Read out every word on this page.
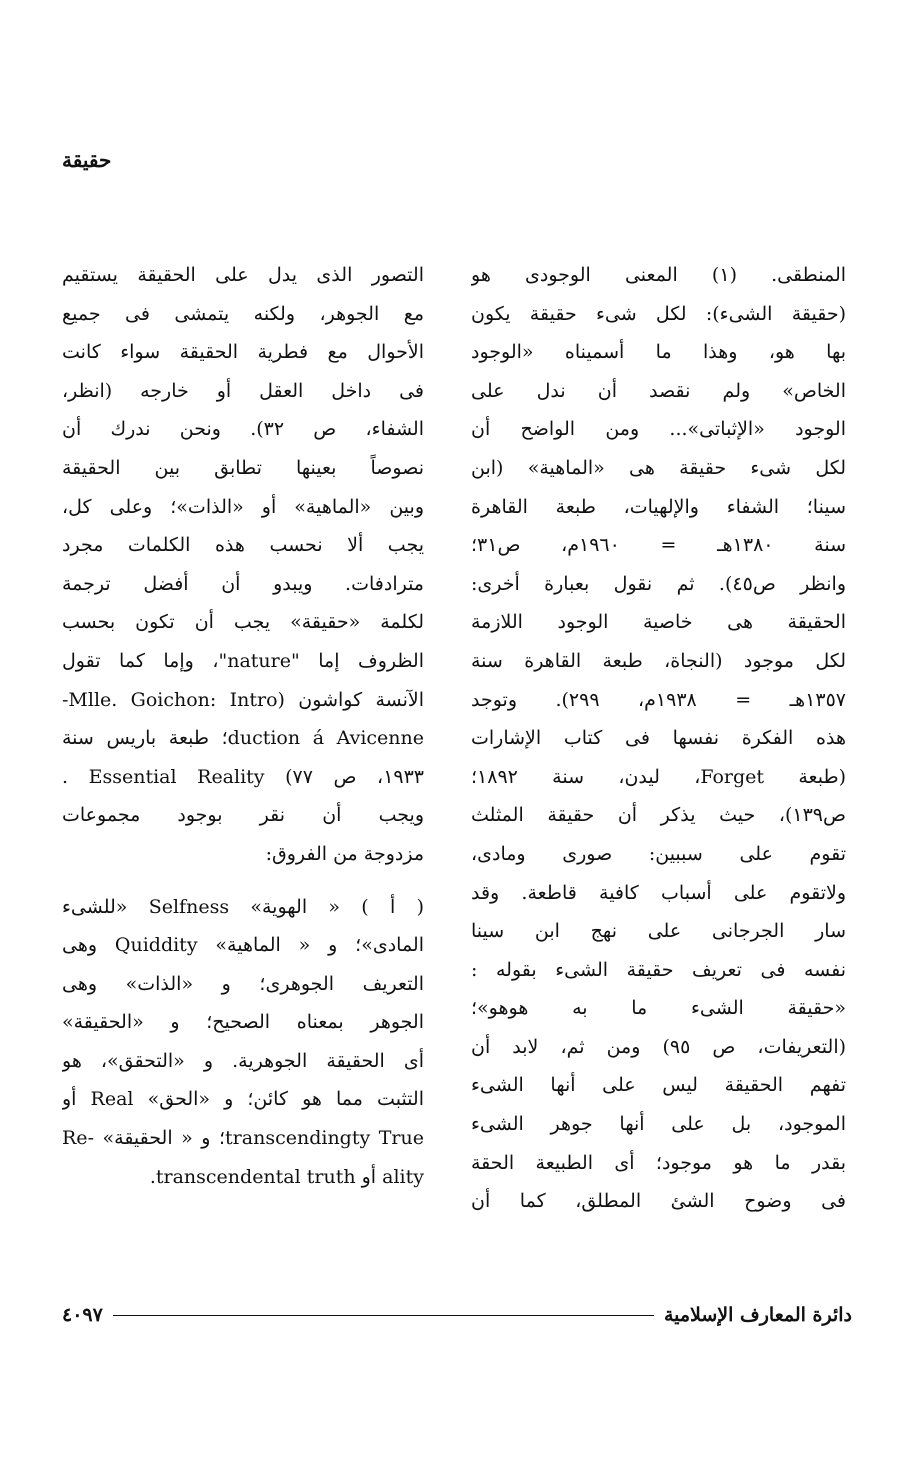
حقيقة
المنطقى. (١) المعنى الوجودى هو
(حقيقة الشىء): لكل شىء حقيقة يكون
بها هو، وهذا ما أسميناه «الوجود
الخاص» ولم نقصد أن ندل على
الوجود «الإثباتى»... ومن الواضح أن
لكل شىء حقيقة هى «الماهية» (ابن
سينا؛ الشفاء والإلهيات، طبعة القاهرة
سنة ١٣٨٠هـ = ١٩٦٠م، ص٣١؛
وانظر ص٤٥). ثم نقول بعبارة أخرى:
الحقيقة هى خاصية الوجود اللازمة
لكل موجود (النجاة، طبعة القاهرة سنة
١٣٥٧هـ = ١٩٣٨م، ٢٩٩). وتوجد
هذه الفكرة نفسها فى كتاب الإشارات
(طبعة Forget، ليدن، سنة ١٨٩٢؛
ص١٣٩)، حيث يذكر أن حقيقة المثلث
تقوم على سببين: صورى ومادى،
ولاتقوم على أسباب كافية قاطعة. وقد
سار الجرجانى على نهج ابن سينا
نفسه فى تعريف حقيقة الشىء بقوله :
«حقيقة الشىء ما به هوهو»؛
(التعريفات، ص ٩٥) ومن ثم، لابد أن
تفهم الحقيقة ليس على أنها الشىء
الموجود، بل على أنها جوهر الشىء
بقدر ما هو موجود؛ أى الطبيعة الحقة
فى وضوح الشئ المطلق، كما أن
التصور الذى يدل على الحقيقة يستقيم
مع الجوهر، ولكنه يتمشى فى جميع
الأحوال مع فطرية الحقيقة سواء كانت
فى داخل العقل أو خارجه (انظر،
الشفاء، ص ٣٢). ونحن ندرك أن
نصوصاً بعينها تطابق بين الحقيقة
وبين «الماهية» أو «الذات»؛ وعلى كل،
يجب ألا نحسب هذه الكلمات مجرد
مترادفات. ويبدو أن أفضل ترجمة
لكلمة «حقيقة» يجب أن تكون بحسب
الظروف إما "nature"، وإما كما تقول
الآنسة كواشون (Mlle. Goichon: Intro-
duction á Avicenne؛ طبعة باريس سنة
١٩٣٣، ص ٧٧) Essential Reality .
ويجب أن نقر بوجود مجموعات
مزدوجة من الفروق:
( أ ) « الهوية» Selfness «للشىء
المادى»؛ و « الماهية» Quiddity وهى
التعريف الجوهرى؛ و «الذات» وهى
الجوهر بمعناه الصحيح؛ و «الحقيقة»
أى الحقيقة الجوهرية. و «التحقق»، هو
التثبت مما هو كائن؛ و «الحق» Real أو
transcendingty True؛ و « الحقيقة» -Re
ality أو transcendental truth.
دائرة المعارف الإسلامية
٤٠٩٧
